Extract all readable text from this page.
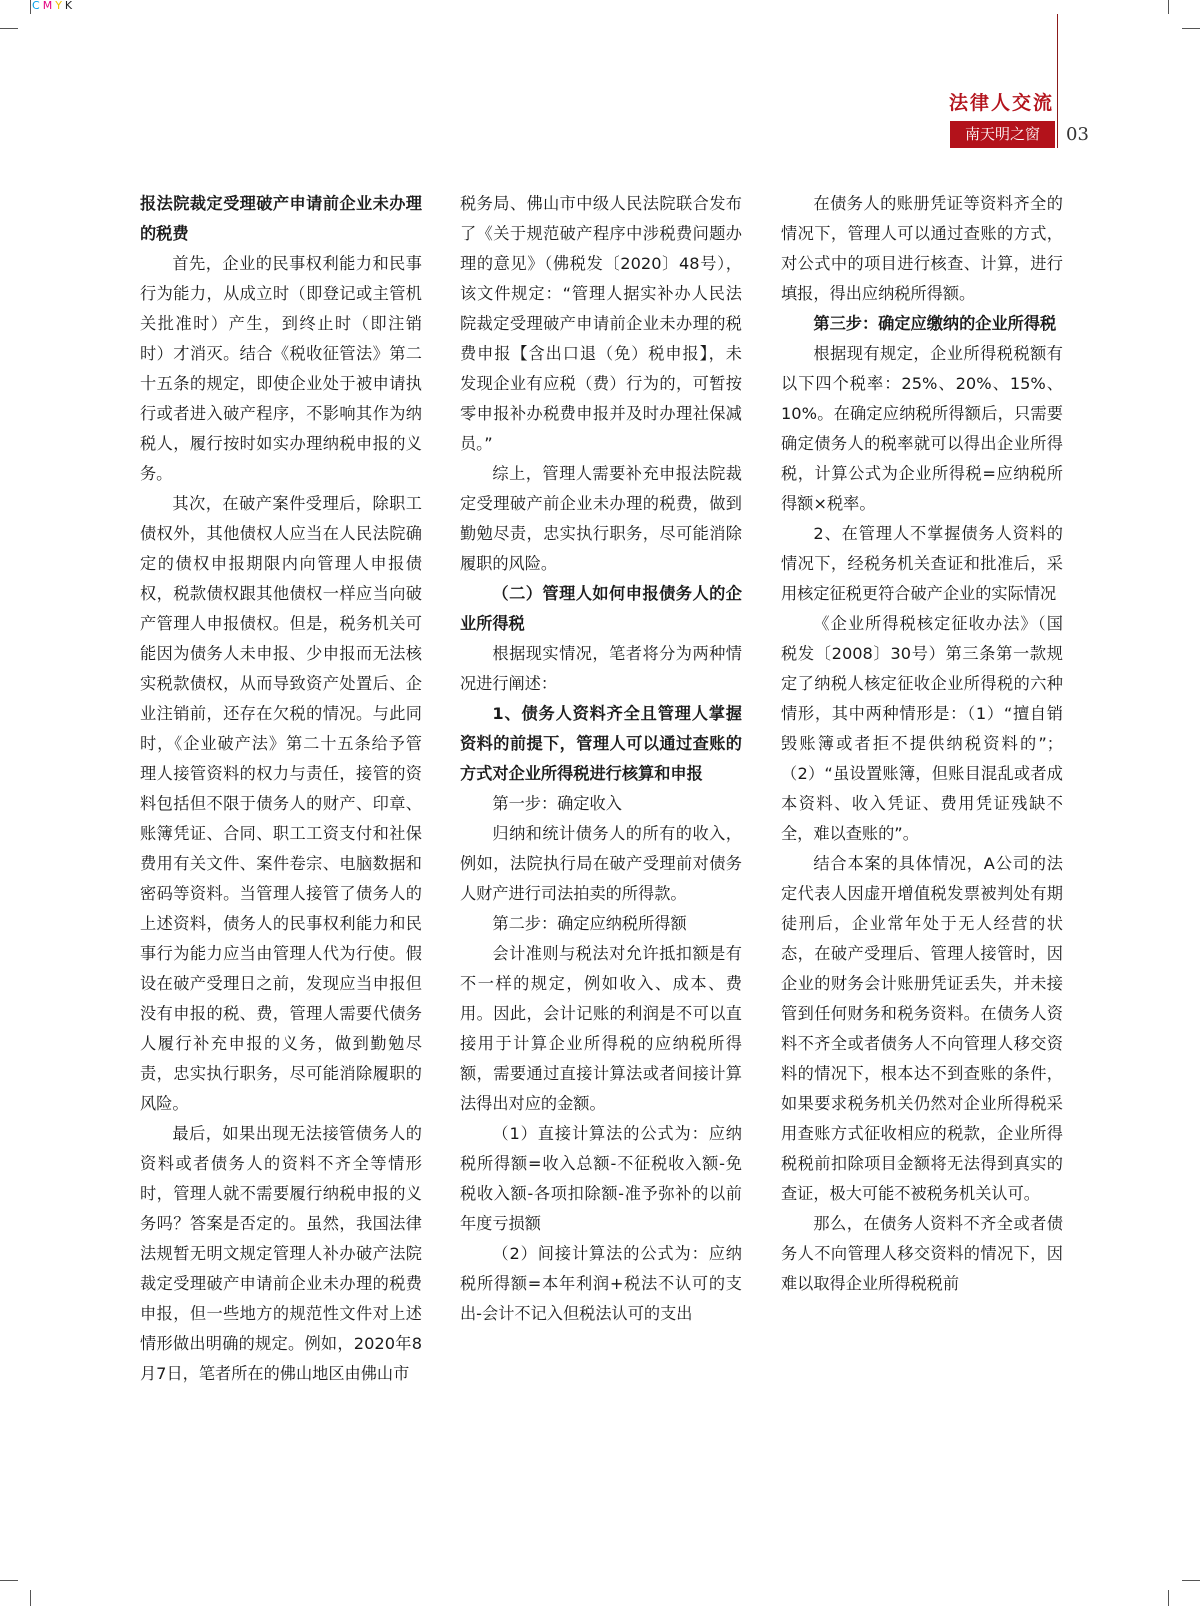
CMYK
法律人交流
南天明之窗	03

报法院裁定受理破产申请前企业未办理的税费

首先，企业的民事权利能力和民事行为能力，从成立时（即登记或主管机关批准时）产生，到终止时（即注销时）才消灭。结合《税收征管法》第二十五条的规定，即使企业处于被申请执行或者进入破产程序，不影响其作为纳税人，履行按时如实办理纳税申报的义务。

其次，在破产案件受理后，除职工债权外，其他债权人应当在人民法院确定的债权申报期限内向管理人申报债权，税款债权跟其他债权一样应当向破产管理人申报债权。但是，税务机关可能因为债务人未申报、少申报而无法核实税款债权，从而导致资产处置后、企业注销前，还存在欠税的情况。与此同时，《企业破产法》第二十五条给予管理人接管资料的权力与责任，接管的资料包括但不限于债务人的财产、印章、账簿凭证、合同、职工工资支付和社保费用有关文件、案件卷宗、电脑数据和密码等资料。当管理人接管了债务人的上述资料，债务人的民事权利能力和民事行为能力应当由管理人代为行使。假设在破产受理日之前，发现应当申报但没有申报的税、费，管理人需要代债务人履行补充申报的义务，做到勤勉尽责，忠实执行职务，尽可能消除履职的风险。

最后，如果出现无法接管债务人的资料或者债务人的资料不齐全等情形时，管理人就不需要履行纳税申报的义务吗？答案是否定的。虽然，我国法律法规暂无明文规定管理人补办破产法院裁定受理破产申请前企业未办理的税费申报，但一些地方的规范性文件对上述情形做出明确的规定。例如，2020年8月7日，笔者所在的佛山地区由佛山市

税务局、佛山市中级人民法院联合发布了《关于规范破产程序中涉税费问题办理的意见》（佛税发〔2020〕48号），该文件规定：“管理人据实补办人民法院裁定受理破产申请前企业未办理的税费申报【含出口退（免）税申报】，未发现企业有应税（费）行为的，可暂按零申报补办税费申报并及时办理社保减员。”

综上，管理人需要补充申报法院裁定受理破产前企业未办理的税费，做到勤勉尽责，忠实执行职务，尽可能消除履职的风险。

（二）管理人如何申报债务人的企业所得税

根据现实情况，笔者将分为两种情况进行阐述：

1、债务人资料齐全且管理人掌握资料的前提下，管理人可以通过查账的方式对企业所得税进行核算和申报

第一步：确定收入

归纳和统计债务人的所有的收入，例如，法院执行局在破产受理前对债务人财产进行司法拍卖的所得款。

第二步：确定应纳税所得额

会计准则与税法对允许抵扣额是有不一样的规定，例如收入、成本、费用。因此，会计记账的利润是不可以直接用于计算企业所得税的应纳税所得额，需要通过直接计算法或者间接计算法得出对应的金额。

（1）直接计算法的公式为：应纳税所得额=收入总额-不征税收入额-免税收入额-各项扣除额-准予弥补的以前年度亏损额

（2）间接计算法的公式为：应纳税所得额=本年利润+税法不认可的支出-会计不记入但税法认可的支出

在债务人的账册凭证等资料齐全的情况下，管理人可以通过查账的方式，对公式中的项目进行核查、计算，进行填报，得出应纳税所得额。

第三步：确定应缴纳的企业所得税

根据现有规定，企业所得税税额有以下四个税率：25%、20%、15%、10%。在确定应纳税所得额后，只需要确定债务人的税率就可以得出企业所得税，计算公式为企业所得税=应纳税所得额×税率。

2、在管理人不掌握债务人资料的情况下，经税务机关查证和批准后，采用核定征税更符合破产企业的实际情况

《企业所得税核定征收办法》（国税发〔2008〕30号）第三条第一款规定了纳税人核定征收企业所得税的六种情形，其中两种情形是：（1）“擅自销毁账簿或者拒不提供纳税资料的”；（2）“虽设置账簿，但账目混乱或者成本资料、收入凭证、费用凭证残缺不全，难以查账的”。

结合本案的具体情况，A公司的法定代表人因虚开增值税发票被判处有期徒刑后，企业常年处于无人经营的状态，在破产受理后、管理人接管时，因企业的财务会计账册凭证丢失，并未接管到任何财务和税务资料。在债务人资料不齐全或者债务人不向管理人移交资料的情况下，根本达不到查账的条件，如果要求税务机关仍然对企业所得税采用查账方式征收相应的税款，企业所得税税前扣除项目金额将无法得到真实的查证，极大可能不被税务机关认可。

那么，在债务人资料不齐全或者债务人不向管理人移交资料的情况下，因难以取得企业所得税税前
